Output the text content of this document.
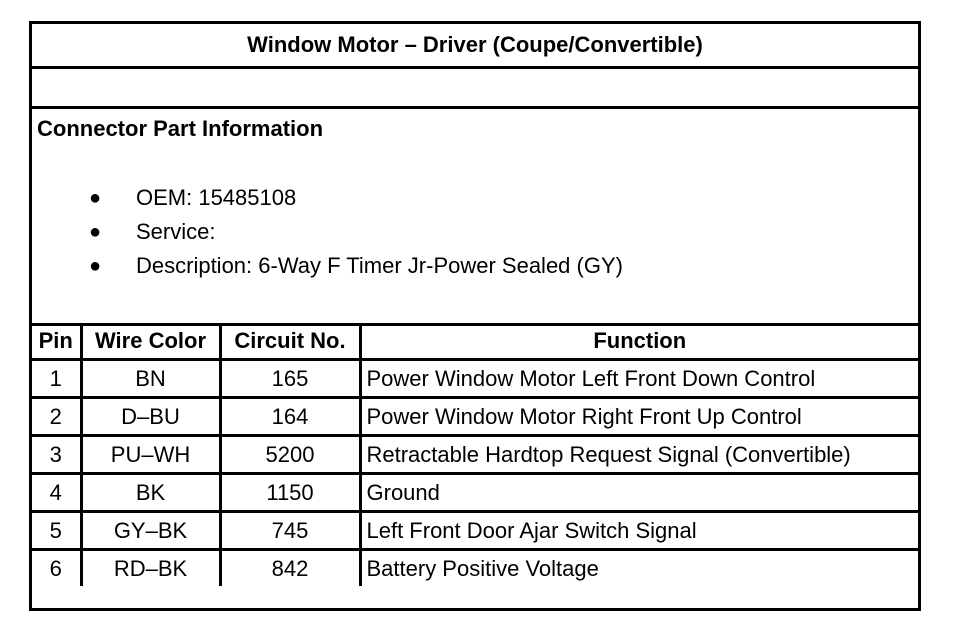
Window Motor – Driver (Coupe/Convertible)
Connector Part Information
● OEM: 15485108
● Service:
● Description: 6-Way F Timer Jr-Power Sealed (GY)
Pin	Wire Color	Circuit No.	Function
1	BN	165	Power Window Motor Left Front Down Control
2	D–BU	164	Power Window Motor Right Front Up Control
3	PU–WH	5200	Retractable Hardtop Request Signal (Convertible)
4	BK	1150	Ground
5	GY–BK	745	Left Front Door Ajar Switch Signal
6	RD–BK	842	Battery Positive Voltage
